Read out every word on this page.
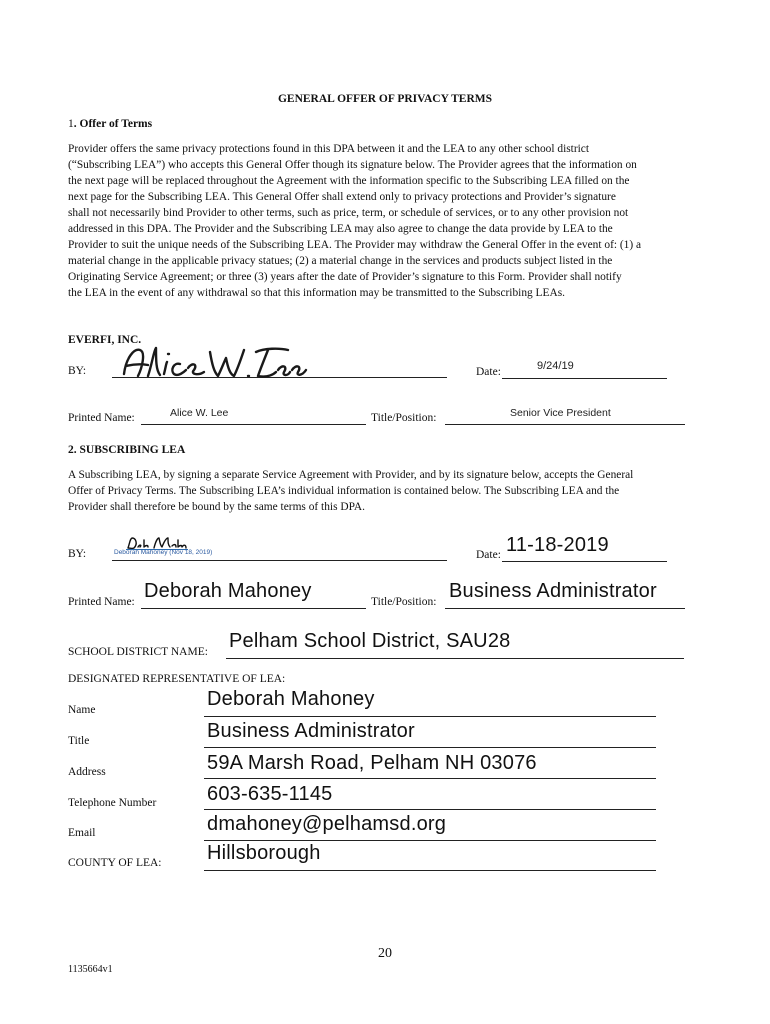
GENERAL OFFER OF PRIVACY TERMS
1. Offer of Terms
Provider offers the same privacy protections found in this DPA between it and the LEA to any other school district
(“Subscribing LEA”) who accepts this General Offer though its signature below. The Provider agrees that the information on
the next page will be replaced throughout the Agreement with the information specific to the Subscribing LEA filled on the
next page for the Subscribing LEA. This General Offer shall extend only to privacy protections and Provider’s signature
shall not necessarily bind Provider to other terms, such as price, term, or schedule of services, or to any other provision not
addressed in this DPA. The Provider and the Subscribing LEA may also agree to change the data provide by LEA to the
Provider to suit the unique needs of the Subscribing LEA. The Provider may withdraw the General Offer in the event of: (1) a
material change in the applicable privacy statues; (2) a material change in the services and products subject listed in the
Originating Service Agreement; or three (3) years after the date of Provider’s signature to this Form. Provider shall notify
the LEA in the event of any withdrawal so that this information may be transmitted to the Subscribing LEAs.
EVERFI, INC.
BY:	Date:	9/24/19
Printed Name:	Alice W. Lee	Title/Position:	Senior Vice President
2. SUBSCRIBING LEA
A Subscribing LEA, by signing a separate Service Agreement with Provider, and by its signature below, accepts the General
Offer of Privacy Terms. The Subscribing LEA’s individual information is contained below. The Subscribing LEA and the
Provider shall therefore be bound by the same terms of this DPA.
BY:	Deborah Mahoney (Nov 18, 2019)	Date: 11-18-2019
Printed Name: Deborah Mahoney	Title/Position: Business Administrator
SCHOOL DISTRICT NAME: Pelham School District, SAU28
DESIGNATED REPRESENTATIVE OF LEA:
Name	Deborah Mahoney
Title	Business Administrator
Address	59A Marsh Road, Pelham NH 03076
Telephone Number	603-635-1145
Email	dmahoney@pelhamsd.org
COUNTY OF LEA: Hillsborough
20
1135664v1
